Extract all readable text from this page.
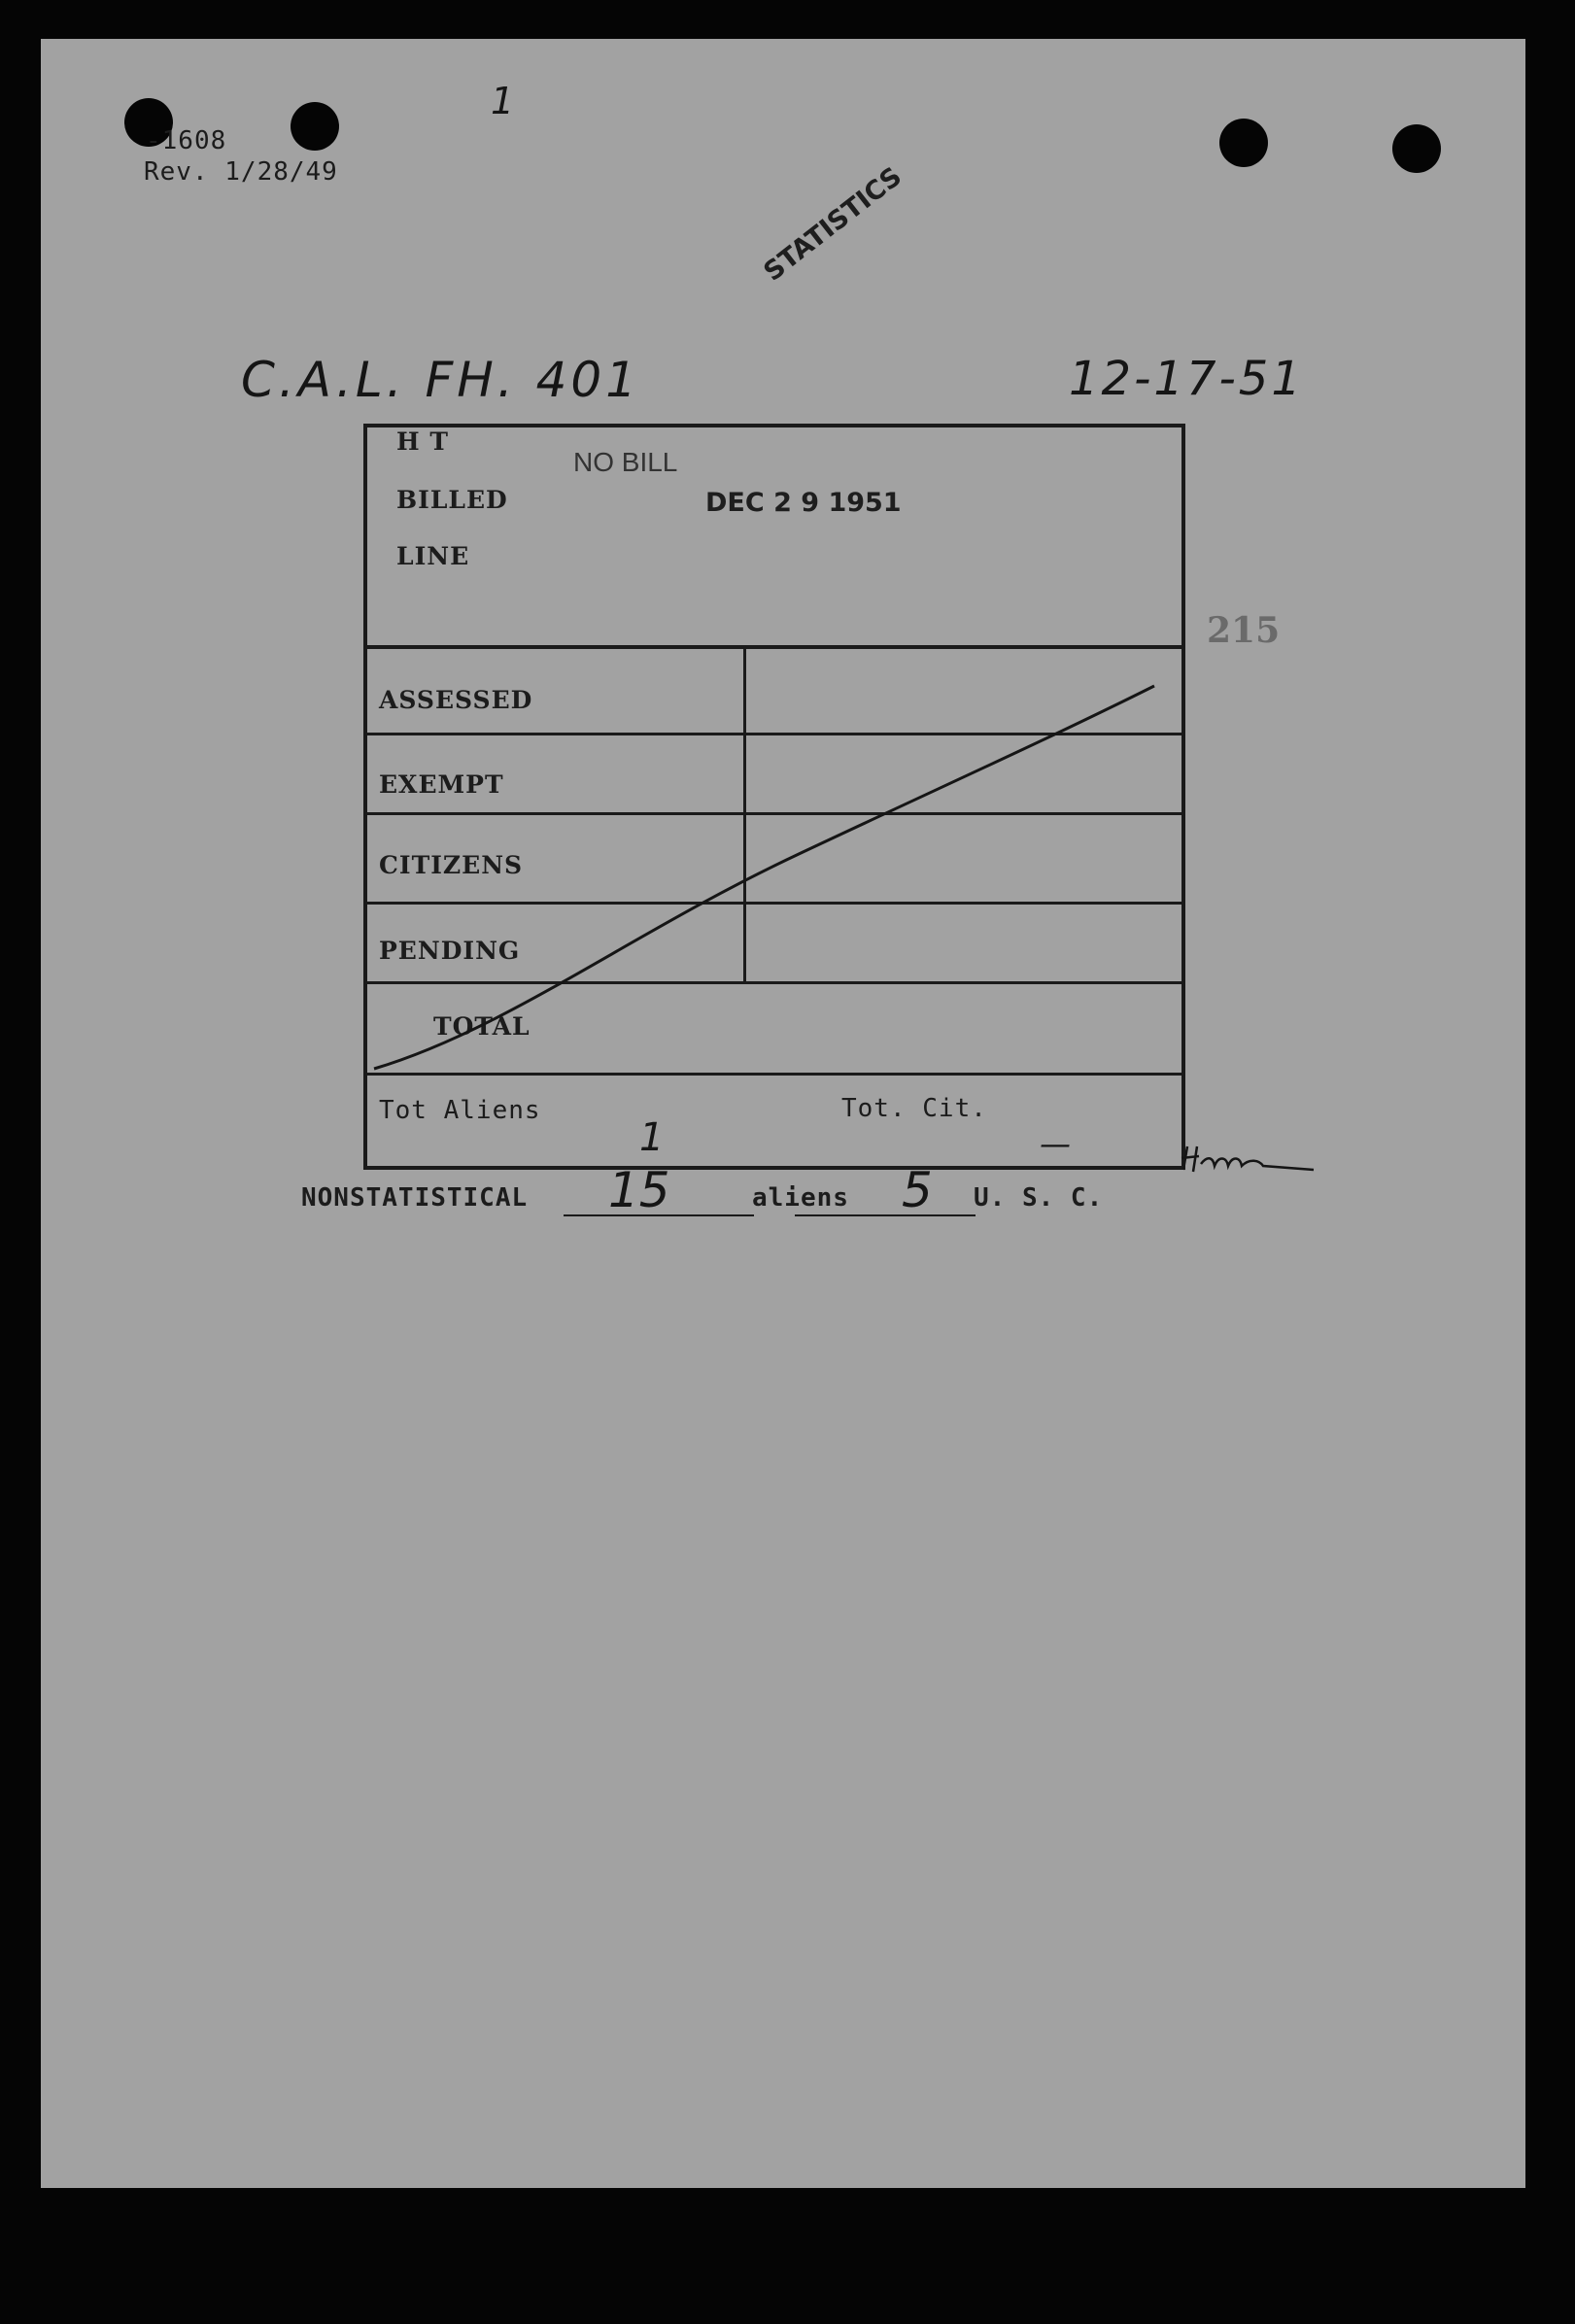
-1608
Rev. 1/28/49
1
STATISTICS
C.A.L. FH. 401	12-17-51
H T
BILLED
LINE
NO BILL
DEC 2 9 1951
215
ASSESSED
EXEMPT
CITIZENS
PENDING
TOTAL
Tot Aliens	Tot. Cit.
1	—
NONSTATISTICAL 15	aliens 5 U. S. C.
